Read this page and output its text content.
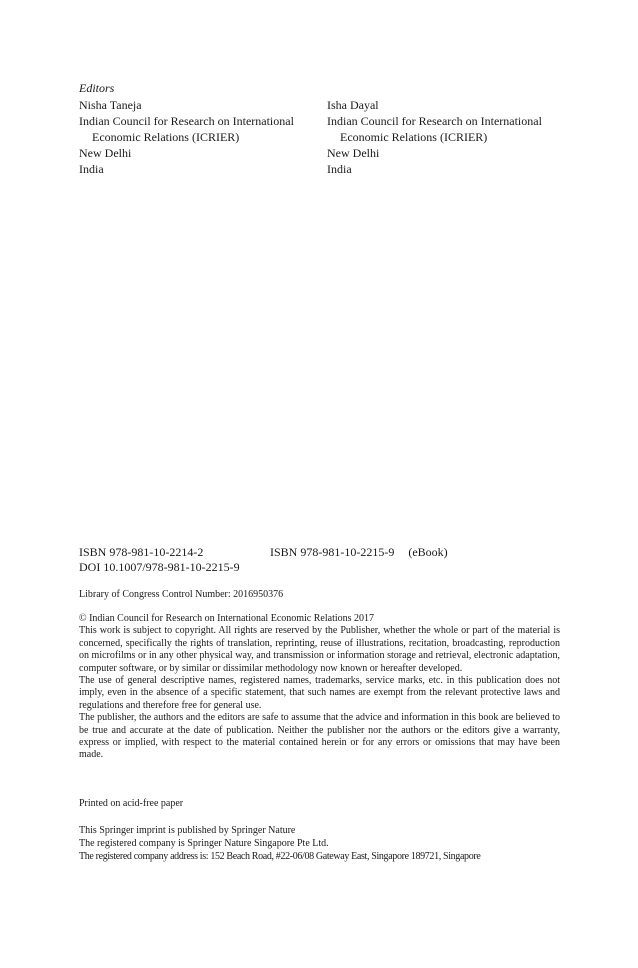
Editors
Nisha Taneja
Indian Council for Research on International
Economic Relations (ICRIER)
New Delhi
India
Isha Dayal
Indian Council for Research on International
Economic Relations (ICRIER)
New Delhi
India
ISBN 978-981-10-2214-2	ISBN 978-981-10-2215-9 (eBook)
DOI 10.1007/978-981-10-2215-9
Library of Congress Control Number: 2016950376

© Indian Council for Research on International Economic Relations 2017

This work is subject to copyright. All rights are reserved by the Publisher, whether the whole or part of the material is concerned, specifically the rights of translation, reprinting, reuse of illustrations, recitation, broadcasting, reproduction on microfilms or in any other physical way, and transmission or information storage and retrieval, electronic adaptation, computer software, or by similar or dissimilar methodology now known or hereafter developed.

The use of general descriptive names, registered names, trademarks, service marks, etc. in this publication does not imply, even in the absence of a specific statement, that such names are exempt from the relevant protective laws and regulations and therefore free for general use.

The publisher, the authors and the editors are safe to assume that the advice and information in this book are believed to be true and accurate at the date of publication. Neither the publisher nor the authors or the editors give a warranty, express or implied, with respect to the material contained herein or for any errors or omissions that may have been made.

Printed on acid-free paper
This Springer imprint is published by Springer Nature
The registered company is Springer Nature Singapore Pte Ltd.
The registered company address is: 152 Beach Road, #22-06/08 Gateway East, Singapore 189721, Singapore
